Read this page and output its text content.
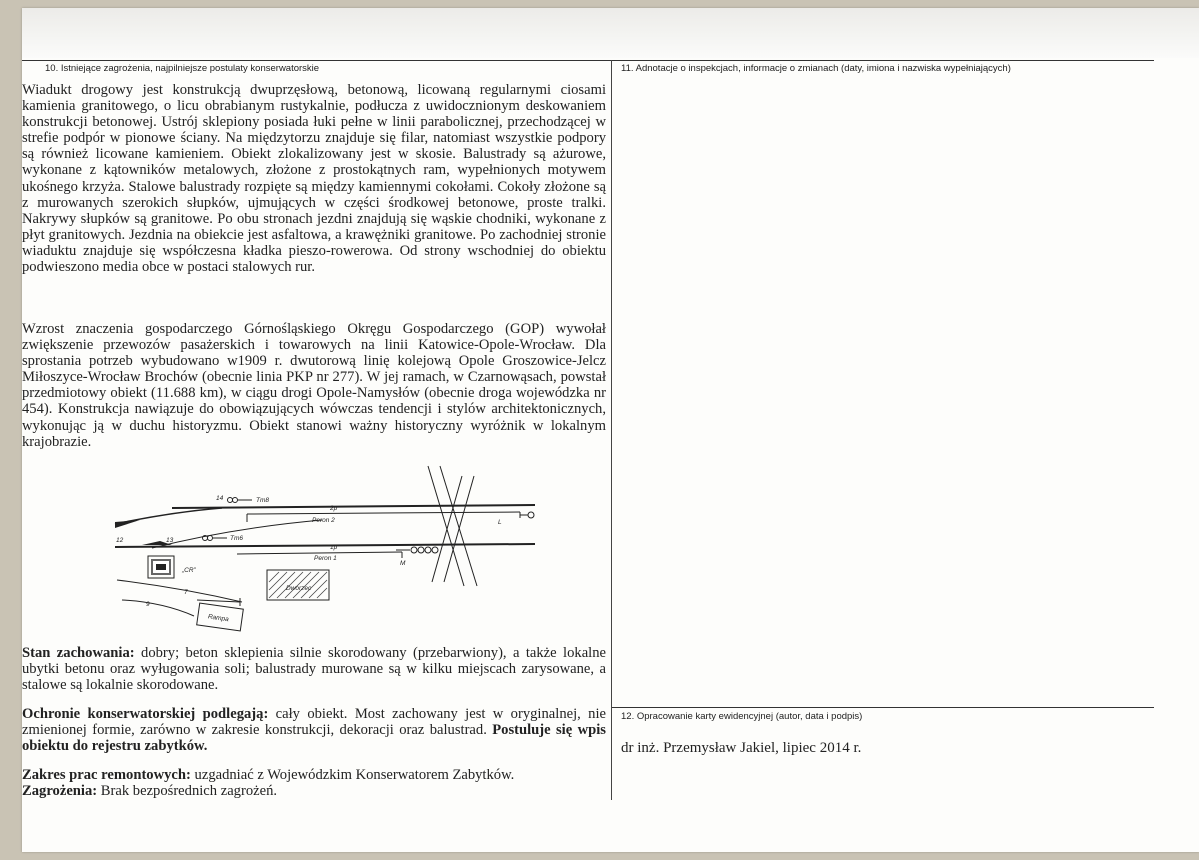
10. Istniejące zagrożenia, najpilniejsze postulaty konserwatorskie	11. Adnotacje o inspekcjach, informacje o zmianach (daty, imiona i nazwiska wypełniających)
12. Opracowanie karty ewidencyjnej (autor, data i podpis)

Wiadukt drogowy jest konstrukcją dwuprzęsłową, betonową, licowaną regularnymi ciosami kamienia granitowego, o licu obrabianym rustykalnie, podłucza z uwidocznionym deskowaniem konstrukcji betonowej. Ustrój sklepiony posiada łuki pełne w linii parabolicznej, przechodzącej w strefie podpór w pionowe ściany. Na międzytorzu znajduje się filar, natomiast wszystkie podpory są również licowane kamieniem. Obiekt zlokalizowany jest w skosie. Balustrady są ażurowe, wykonane z kątowników metalowych, złożone z prostokątnych ram, wypełnionych motywem ukośnego krzyża. Stalowe balustrady rozpięte są między kamiennymi cokołami. Cokoły złożone są z murowanych szerokich słupków, ujmujących w części środkowej betonowe, proste tralki. Nakrywy słupków są granitowe. Po obu stronach jezdni znajdują się wąskie chodniki, wykonane z płyt granitowych. Jezdnia na obiekcie jest asfaltowa, a krawężniki granitowe. Po zachodniej stronie wiaduktu znajduje się współczesna kładka pieszo-rowerowa. Od strony wschodniej do obiektu podwieszono media obce w postaci stalowych rur.

Wzrost znaczenia gospodarczego Górnośląskiego Okręgu Gospodarczego (GOP) wywołał zwiększenie przewozów pasażerskich i towarowych na linii Katowice-Opole-Wrocław. Dla sprostania potrzeb wybudowano w1909 r. dwutorową linię kolejową Opole Groszowice-Jelcz Miłoszyce-Wrocław Brochów (obecnie linia PKP nr 277). W jej ramach, w Czarnowąsach, powstał przedmiotowy obiekt (11.688 km), w ciągu drogi Opole-Namysłów (obecnie droga wojewódzka nr 454). Konstrukcja nawiązuje do obowiązujących wówczas tendencji i stylów architektonicznych, wykonując ją w duchu historyzmu. Obiekt stanowi ważny historyczny wyróżnik w lokalnym krajobrazie.

14	Tm8
2p
Peron 2	L
12	13	Tm6
1p
Peron 1
M
„CR”
Dworzec
7
9
Rampa

Stan zachowania: dobry; beton sklepienia silnie skorodowany (przebarwiony), a także lokalne ubytki betonu oraz wyługowania soli; balustrady murowane są w kilku miejscach zarysowane, a stalowe są lokalnie skorodowane.

Ochronie konserwatorskiej podlegają: cały obiekt. Most zachowany jest w oryginalnej, nie zmienionej formie, zarówno w zakresie konstrukcji, dekoracji oraz balustrad. Postuluje się wpis obiektu do rejestru zabytków.

Zakres prac remontowych: uzgadniać z Wojewódzkim Konserwatorem Zabytków.
Zagrożenia: Brak bezpośrednich zagrożeń.

dr inż. Przemysław Jakiel, lipiec 2014 r.
